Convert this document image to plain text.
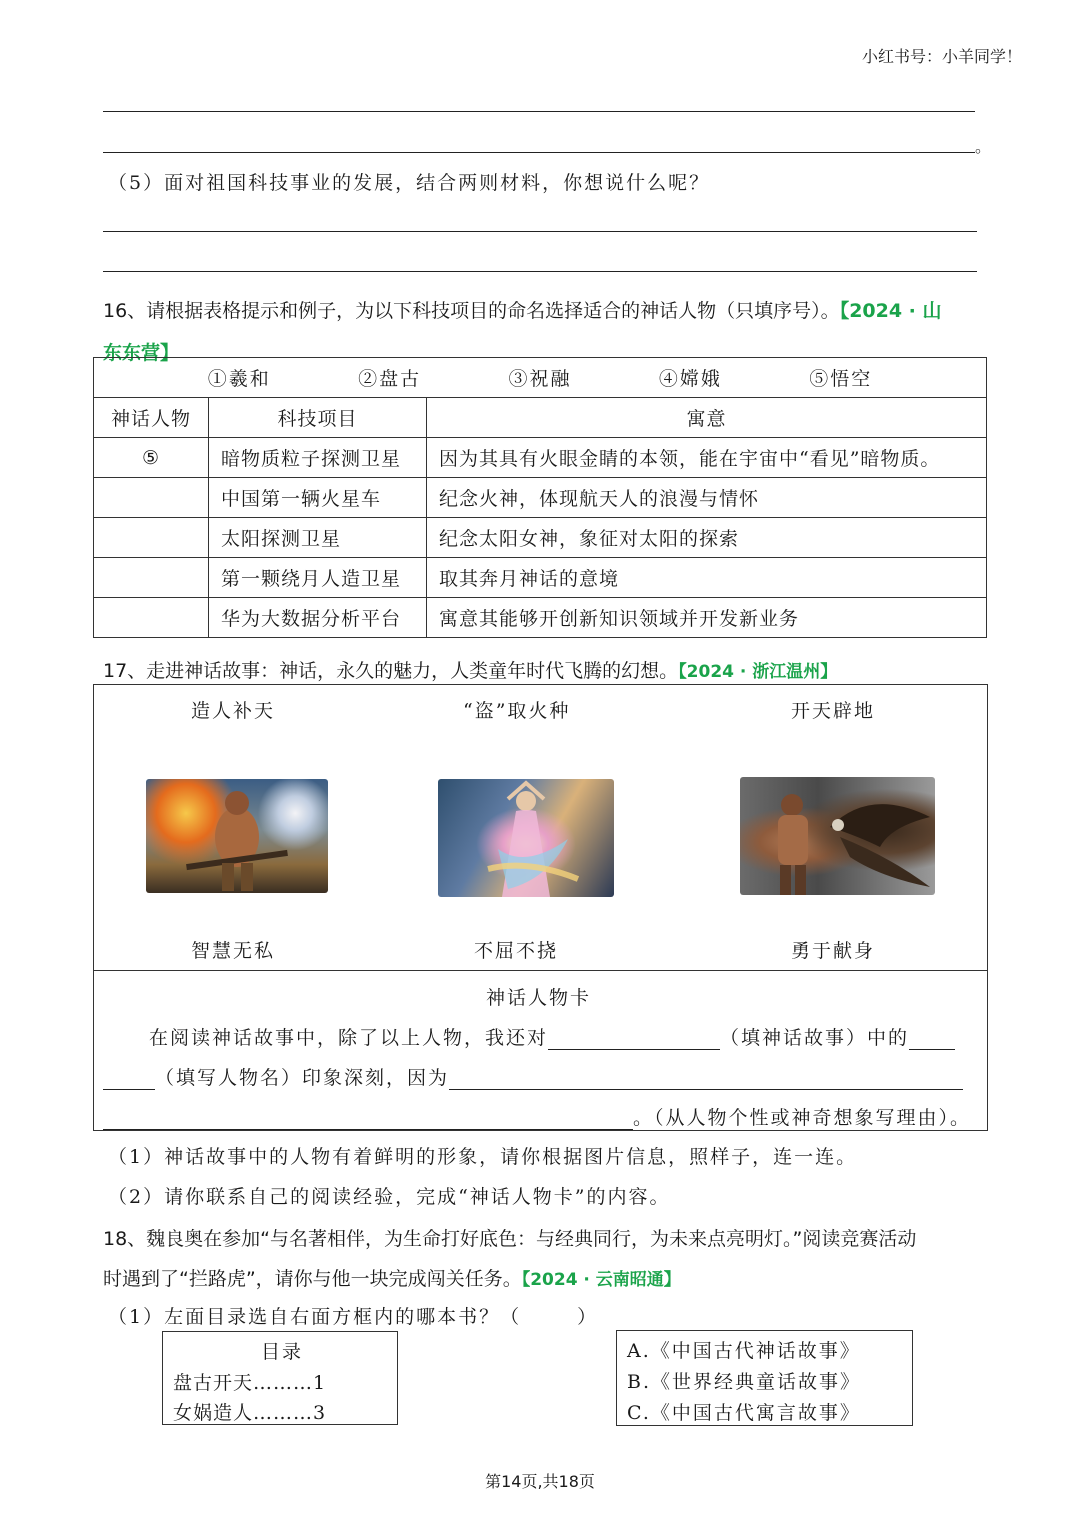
小红书号：小羊同学！
。
（5）面对祖国科技事业的发展，结合两则材料，你想说什么呢？
16、请根据表格提示和例子，为以下科技项目的命名选择适合的神话人物（只填序号）。【2024 · 山
东东营】
①羲和 ②盘古 ③祝融 ④嫦娥 ⑤悟空		

神话人物	科技项目	寓意
⑤	暗物质粒子探测卫星	因为其具有火眼金睛的本领，能在宇宙中“看见”暗物质。
	中国第一辆火星车	纪念火神，体现航天人的浪漫与情怀
	太阳探测卫星	纪念太阳女神，象征对太阳的探索
	第一颗绕月人造卫星	取其奔月神话的意境
	华为大数据分析平台	寓意其能够开创新知识领域并开发新业务
17、走进神话故事：神话，永久的魅力，人类童年时代飞腾的幻想。【2024 · 浙江温州】
造人补天	“盗”取火种	开天辟地
智慧无私	不屈不挠	勇于献身
神话人物卡
在阅读神话故事中，除了以上人物，我还对	（填神话故事）中的
（填写人物名）印象深刻，因为
。（从人物个性或神奇想象写理由）。
（1）神话故事中的人物有着鲜明的形象，请你根据图片信息，照样子，连一连。
（2）请你联系自己的阅读经验，完成“神话人物卡”的内容。
18、魏良奥在参加“与名著相伴，为生命打好底色：与经典同行，为未来点亮明灯。”阅读竞赛活动
时遇到了“拦路虎”，请你与他一块完成闯关任务。【2024 · 云南昭通】
（1）左面目录选自右面方框内的哪本书？（	）
目录
盘古开天………1
女娲造人………3
A.《中国古代神话故事》
B.《世界经典童话故事》
C.《中国古代寓言故事》
第14页,共18页
